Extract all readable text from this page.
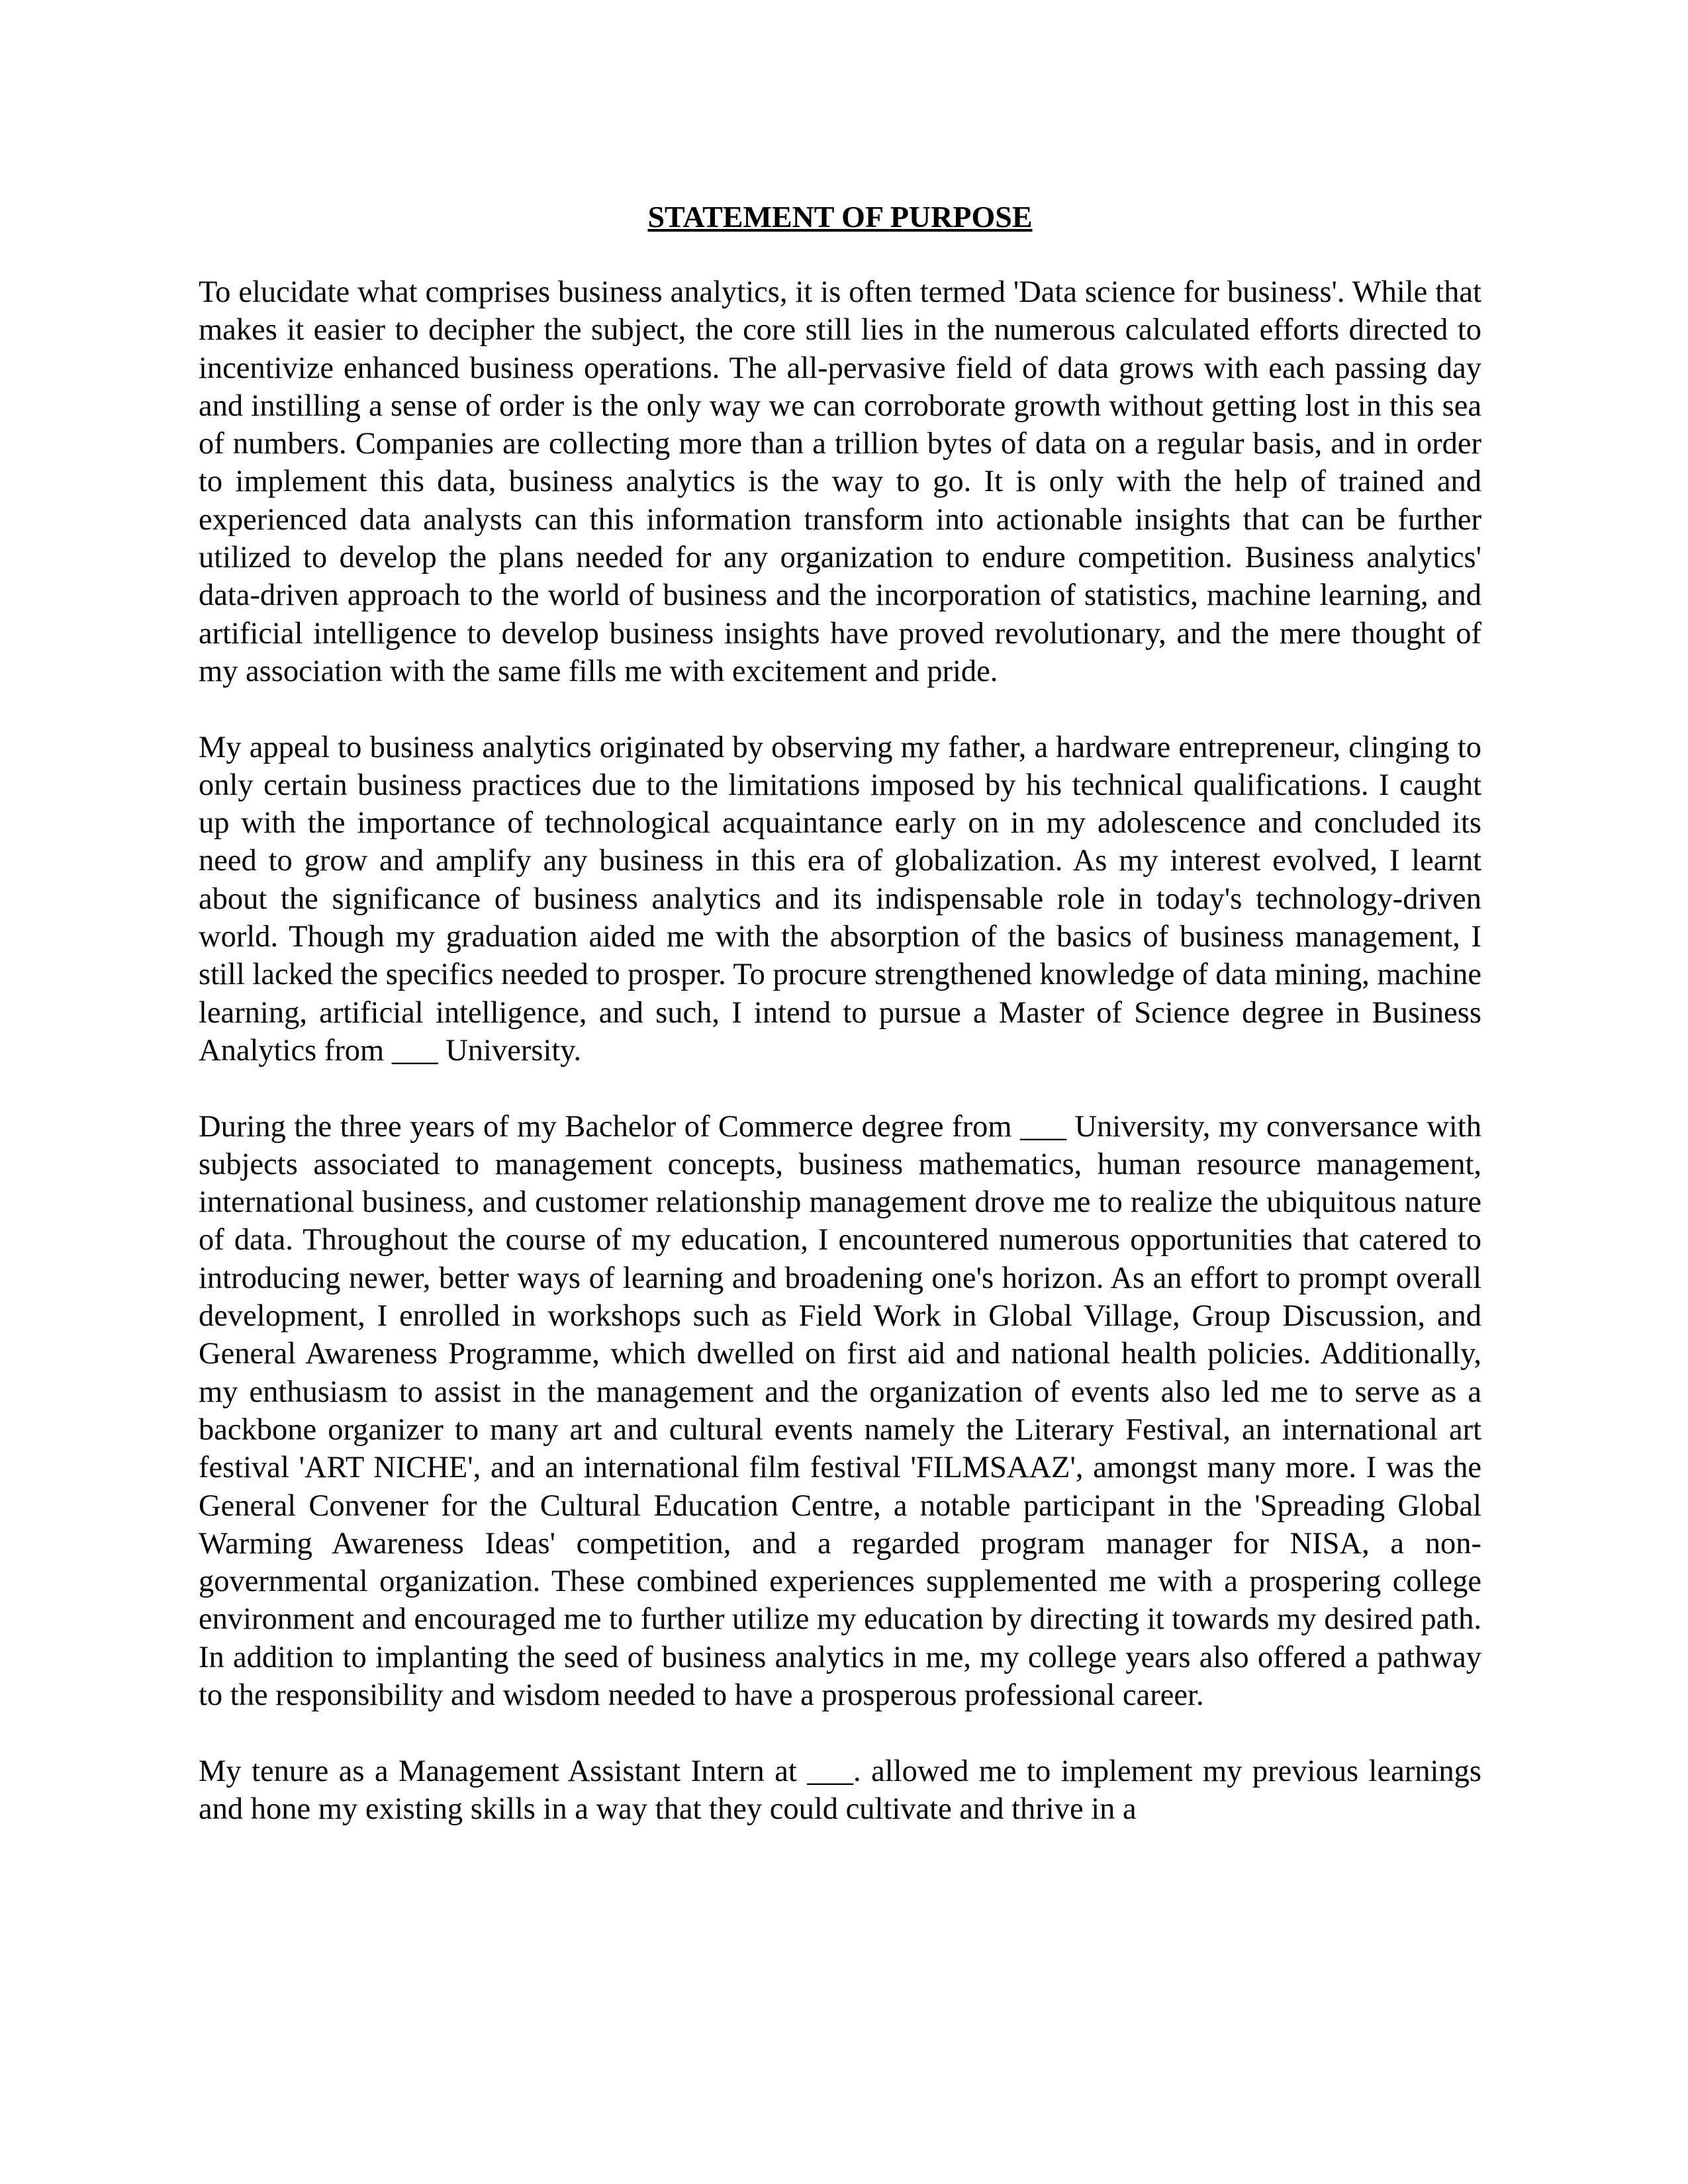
STATEMENT OF PURPOSE

To elucidate what comprises business analytics, it is often termed 'Data science for business'. While that makes it easier to decipher the subject, the core still lies in the numerous calculated efforts directed to incentivize enhanced business operations. The all-pervasive field of data grows with each passing day and instilling a sense of order is the only way we can corroborate growth without getting lost in this sea of numbers. Companies are collecting more than a trillion bytes of data on a regular basis, and in order to implement this data, business analytics is the way to go. It is only with the help of trained and experienced data analysts can this information transform into actionable insights that can be further utilized to develop the plans needed for any organization to endure competition. Business analytics' data-driven approach to the world of business and the incorporation of statistics, machine learning, and artificial intelligence to develop business insights have proved revolutionary, and the mere thought of my association with the same fills me with excitement and pride.

My appeal to business analytics originated by observing my father, a hardware entrepreneur, clinging to only certain business practices due to the limitations imposed by his technical qualifications. I caught up with the importance of technological acquaintance early on in my adolescence and concluded its need to grow and amplify any business in this era of globalization. As my interest evolved, I learnt about the significance of business analytics and its indispensable role in today's technology-driven world. Though my graduation aided me with the absorption of the basics of business management, I still lacked the specifics needed to prosper. To procure strengthened knowledge of data mining, machine learning, artificial intelligence, and such, I intend to pursue a Master of Science degree in Business Analytics from ___ University.

During the three years of my Bachelor of Commerce degree from ___ University, my conversance with subjects associated to management concepts, business mathematics, human resource management, international business, and customer relationship management drove me to realize the ubiquitous nature of data. Throughout the course of my education, I encountered numerous opportunities that catered to introducing newer, better ways of learning and broadening one's horizon. As an effort to prompt overall development, I enrolled in workshops such as Field Work in Global Village, Group Discussion, and General Awareness Programme, which dwelled on first aid and national health policies. Additionally, my enthusiasm to assist in the management and the organization of events also led me to serve as a backbone organizer to many art and cultural events namely the Literary Festival, an international art festival 'ART NICHE', and an international film festival 'FILMSAAZ', amongst many more. I was the General Convener for the Cultural Education Centre, a notable participant in the 'Spreading Global Warming Awareness Ideas' competition, and a regarded program manager for NISA, a non-governmental organization. These combined experiences supplemented me with a prospering college environment and encouraged me to further utilize my education by directing it towards my desired path. In addition to implanting the seed of business analytics in me, my college years also offered a pathway to the responsibility and wisdom needed to have a prosperous professional career.

My tenure as a Management Assistant Intern at ___. allowed me to implement my previous learnings and hone my existing skills in a way that they could cultivate and thrive in a
